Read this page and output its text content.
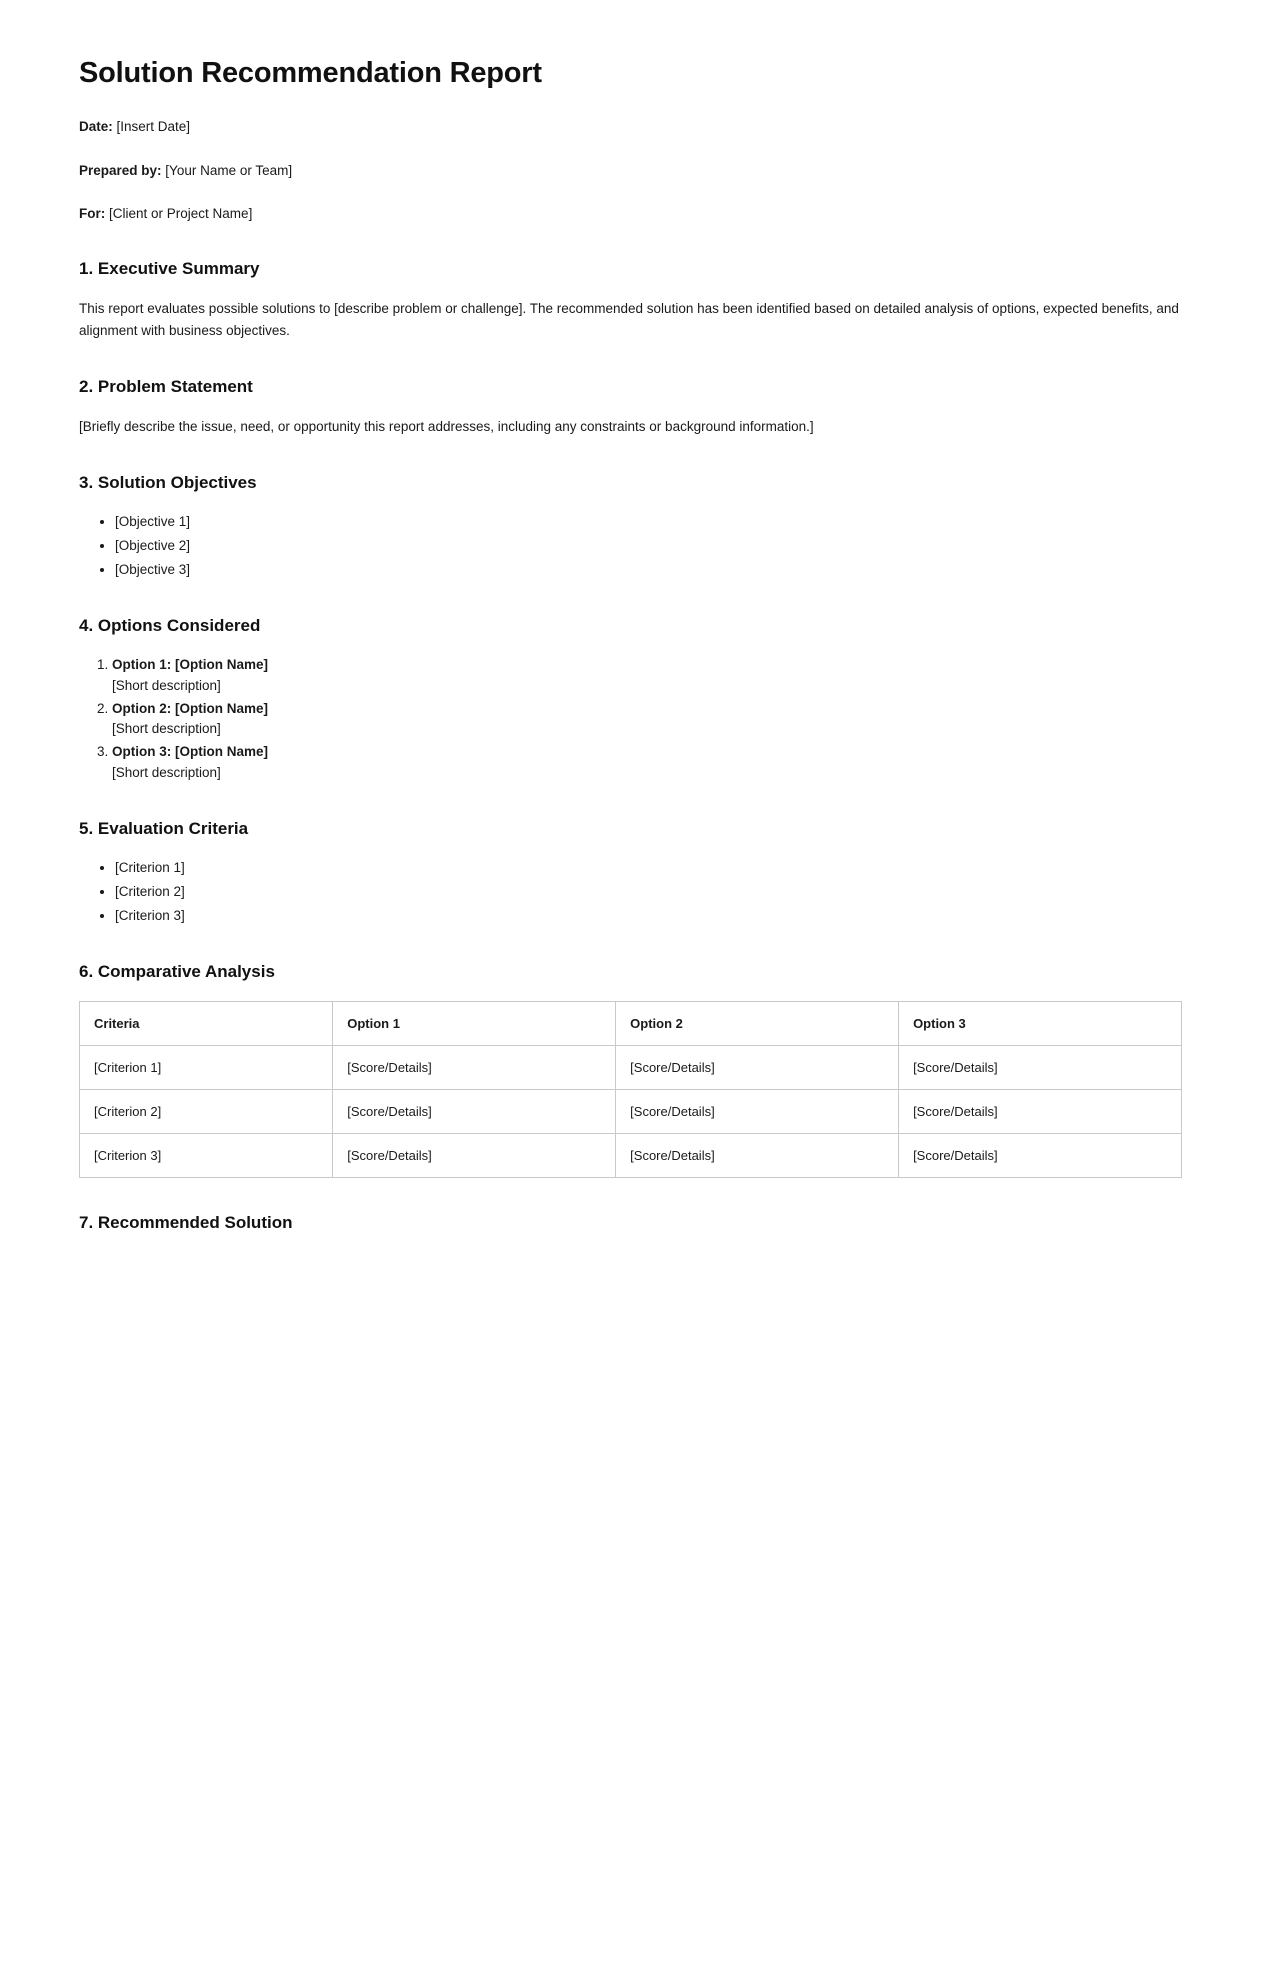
Solution Recommendation Report

Date: [Insert Date]

Prepared by: [Your Name or Team]

For: [Client or Project Name]

1. Executive Summary

This report evaluates possible solutions to [describe problem or challenge]. The recommended solution has been identified based on detailed analysis of options, expected benefits, and alignment with business objectives.

2. Problem Statement

[Briefly describe the issue, need, or opportunity this report addresses, including any constraints or background information.]

3. Solution Objectives
• [Objective 1]
• [Objective 2]
• [Objective 3]
4. Options Considered
1. Option 1: [Option Name]
[Short description]
2. Option 2: [Option Name]
[Short description]
3. Option 3: [Option Name]
[Short description]
5. Evaluation Criteria
• [Criterion 1]
• [Criterion 2]
• [Criterion 3]
6. Comparative Analysis
Criteria	Option 1	Option 2	Option 3
[Criterion 1]	[Score/Details]	[Score/Details]	[Score/Details]
[Criterion 2]	[Score/Details]	[Score/Details]	[Score/Details]
[Criterion 3]	[Score/Details]	[Score/Details]	[Score/Details]
7. Recommended Solution
